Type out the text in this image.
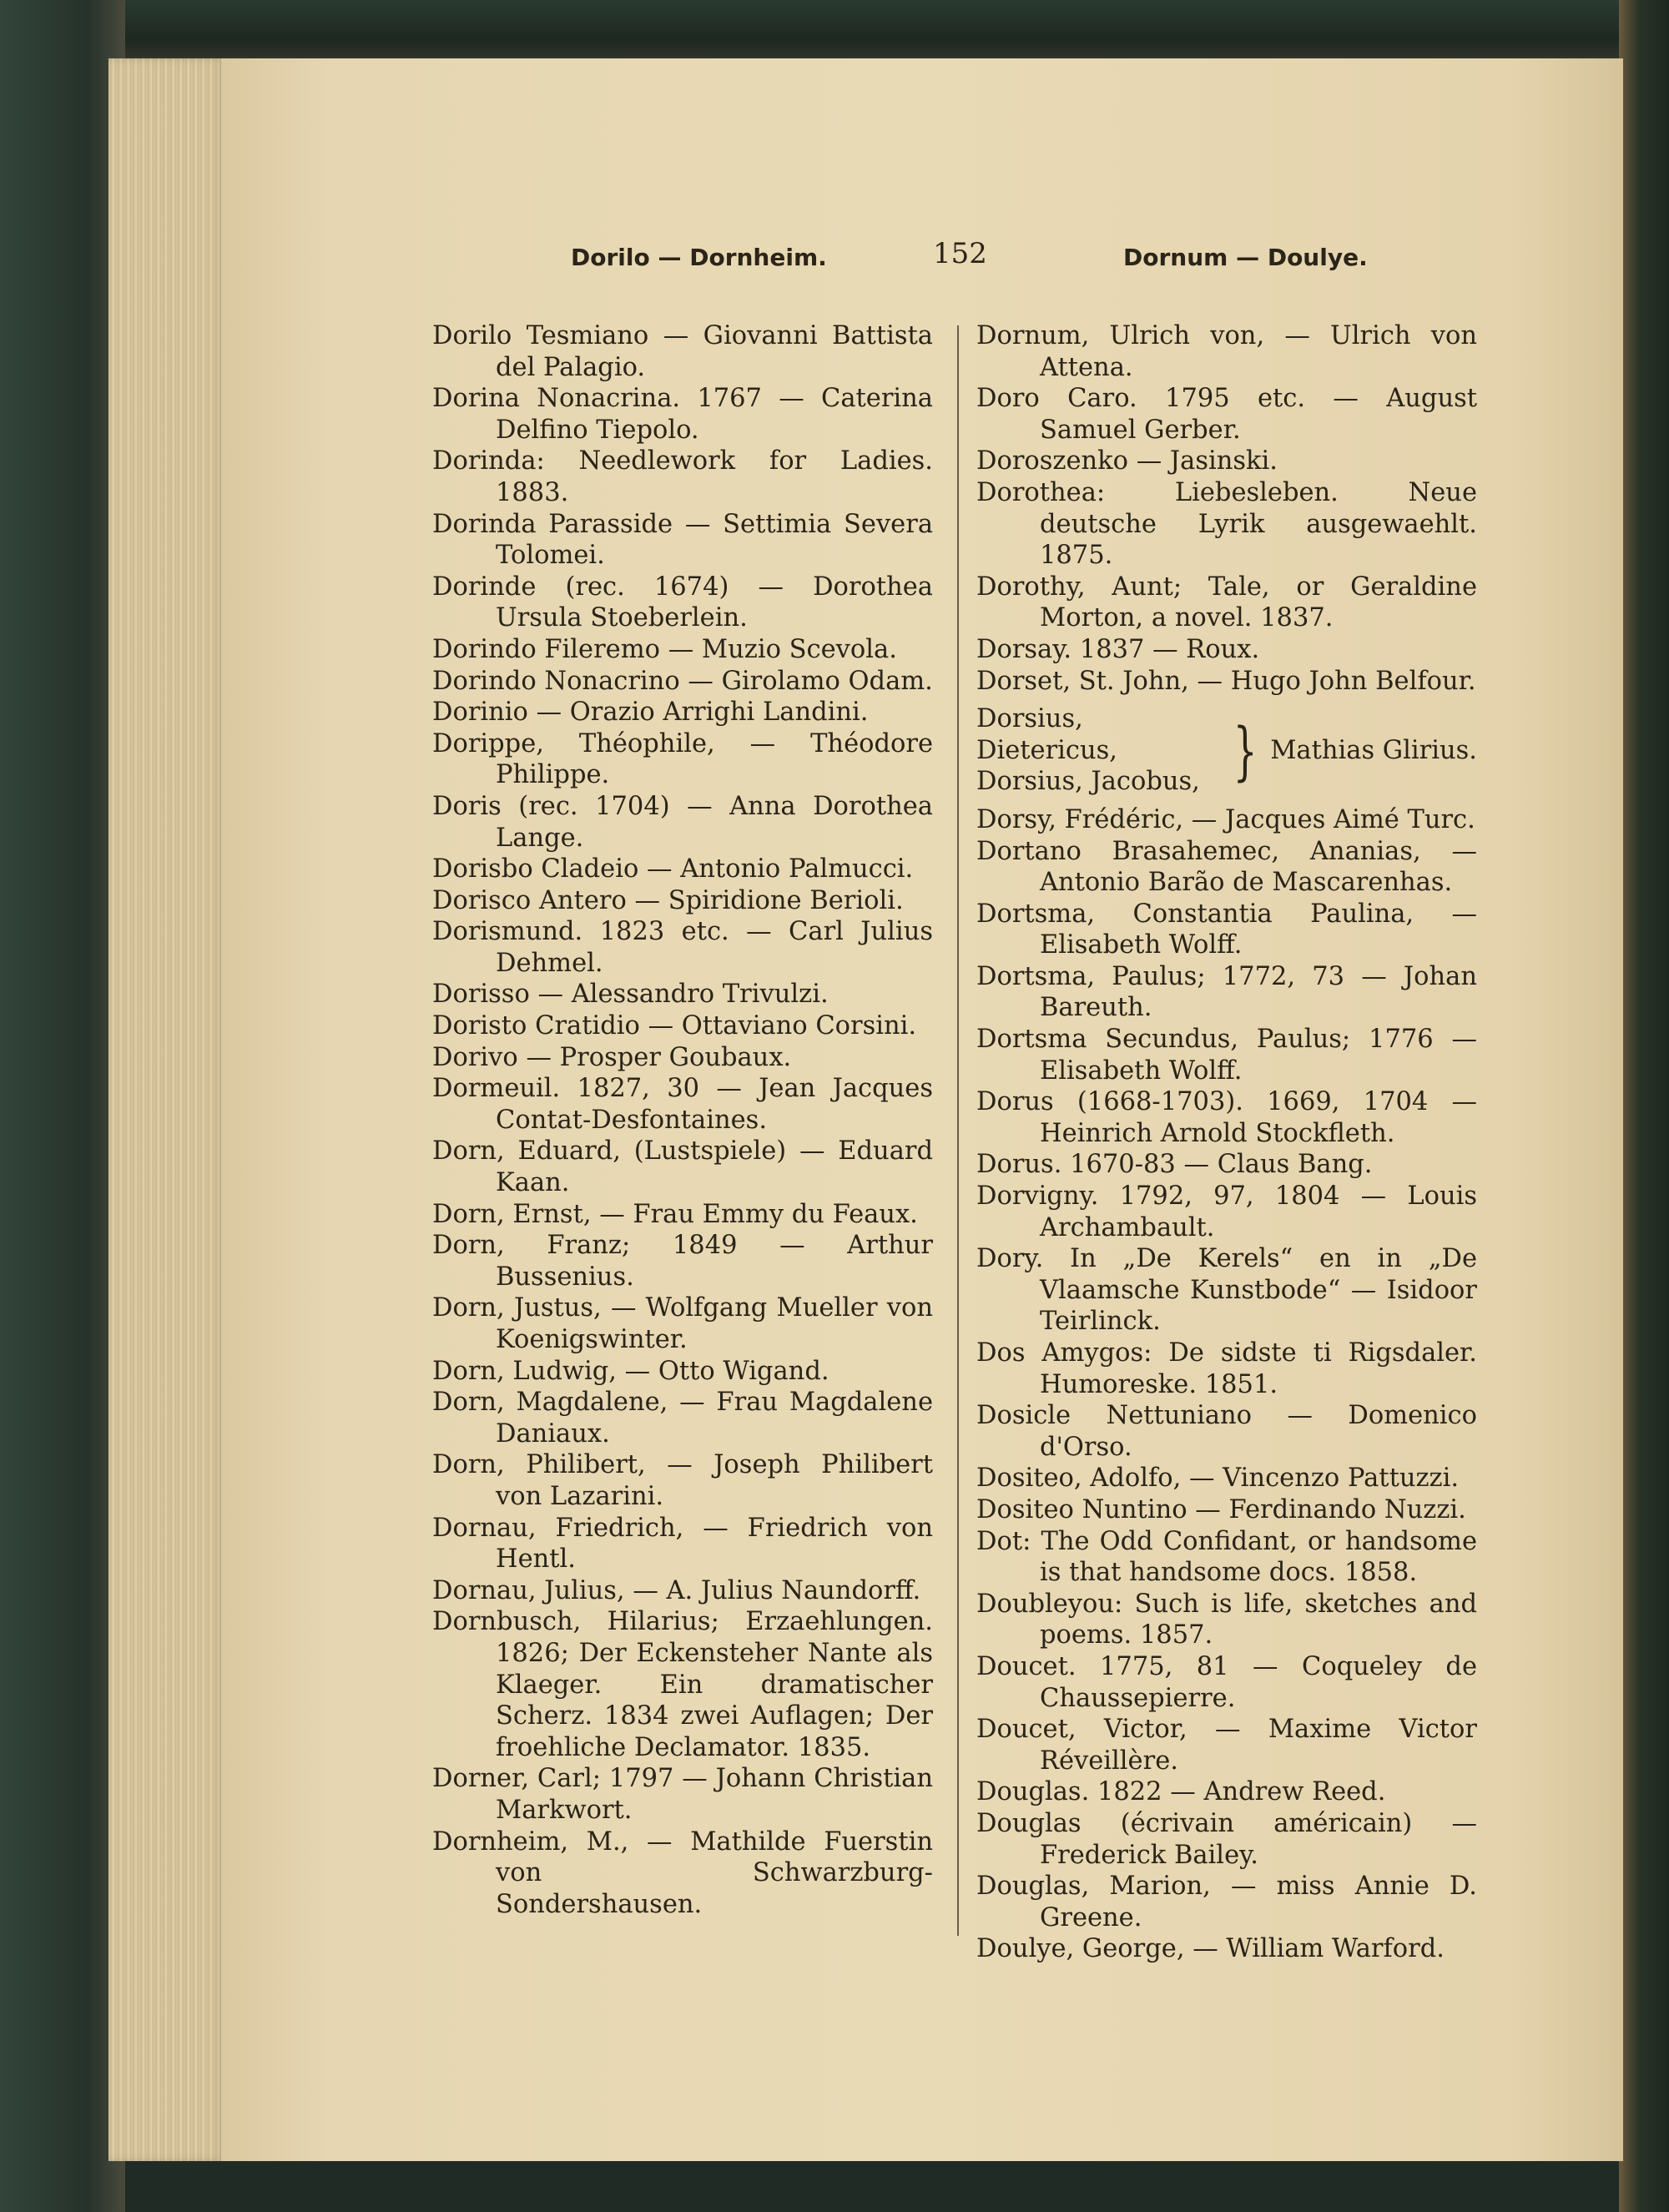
Dorilo — Dornheim.	152	Dornum — Doulye.
Dorilo Tesmiano — Giovanni Battista del Palagio.
Dorina Nonacrina. 1767 — Caterina Delfino Tiepolo.
Dorinda: Needlework for Ladies. 1883.
Dorinda Parasside — Settimia Severa Tolomei.
Dorinde (rec. 1674) — Dorothea Ursula Stoeberlein.
Dorindo Fileremo — Muzio Scevola.
Dorindo Nonacrino — Girolamo Odam.
Dorinio — Orazio Arrighi Landini.
Dorippe, Théophile, — Théodore Philippe.
Doris (rec. 1704) — Anna Dorothea Lange.
Dorisbo Cladeio — Antonio Palmucci.
Dorisco Antero — Spiridione Berioli.
Dorismund. 1823 etc. — Carl Julius Dehmel.
Dorisso — Alessandro Trivulzi.
Doristo Cratidio — Ottaviano Corsini.
Dorivo — Prosper Goubaux.
Dormeuil. 1827, 30 — Jean Jacques Contat-Desfontaines.
Dorn, Eduard, (Lustspiele) — Eduard Kaan.
Dorn, Ernst, — Frau Emmy du Feaux.
Dorn, Franz; 1849 — Arthur Bussenius.
Dorn, Justus, — Wolfgang Mueller von Koenigswinter.
Dorn, Ludwig, — Otto Wigand.
Dorn, Magdalene, — Frau Magdalene Daniaux.
Dorn, Philibert, — Joseph Philibert von Lazarini.
Dornau, Friedrich, — Friedrich von Hentl.
Dornau, Julius, — A. Julius Naundorff.
Dornbusch, Hilarius; Erzaehlungen. 1826; Der Eckensteher Nante als Klaeger. Ein dramatischer Scherz. 1834 zwei Auflagen; Der froehliche Declamator. 1835.
Dorner, Carl; 1797 — Johann Christian Markwort.
Dornheim, M., — Mathilde Fuerstin von Schwarzburg-Sondershausen.
Dornum, Ulrich von, — Ulrich von Attena.
Doro Caro. 1795 etc. — August Samuel Gerber.
Doroszenko — Jasinski.
Dorothea: Liebesleben. Neue deutsche Lyrik ausgewaehlt. 1875.
Dorothy, Aunt; Tale, or Geraldine Morton, a novel. 1837.
Dorsay. 1837 — Roux.
Dorset, St. John, — Hugo John Belfour.
Dorsius, Dietericus,
Dorsius, Jacobus, } Mathias Glirius.
Dorsy, Frédéric, — Jacques Aimé Turc.
Dortano Brasahemec, Ananias, — Antonio Barão de Mascarenhas.
Dortsma, Constantia Paulina, — Elisabeth Wolff.
Dortsma, Paulus; 1772, 73 — Johan Bareuth.
Dortsma Secundus, Paulus; 1776 — Elisabeth Wolff.
Dorus (1668-1703). 1669, 1704 — Heinrich Arnold Stockfleth.
Dorus. 1670-83 — Claus Bang.
Dorvigny. 1792, 97, 1804 — Louis Archambault.
Dory. In „De Kerels“ en in „De Vlaamsche Kunstbode“ — Isidoor Teirlinck.
Dos Amygos: De sidste ti Rigsdaler. Humoreske. 1851.
Dosicle Nettuniano — Domenico d'Orso.
Dositeo, Adolfo, — Vincenzo Pattuzzi.
Dositeo Nuntino — Ferdinando Nuzzi.
Dot: The Odd Confidant, or handsome is that handsome docs. 1858.
Doubleyou: Such is life, sketches and poems. 1857.
Doucet. 1775, 81 — Coqueley de Chaussepierre.
Doucet, Victor, — Maxime Victor Réveillère.
Douglas. 1822 — Andrew Reed.
Douglas (écrivain américain) — Frederick Bailey.
Douglas, Marion, — miss Annie D. Greene.
Doulye, George, — William Warford.
